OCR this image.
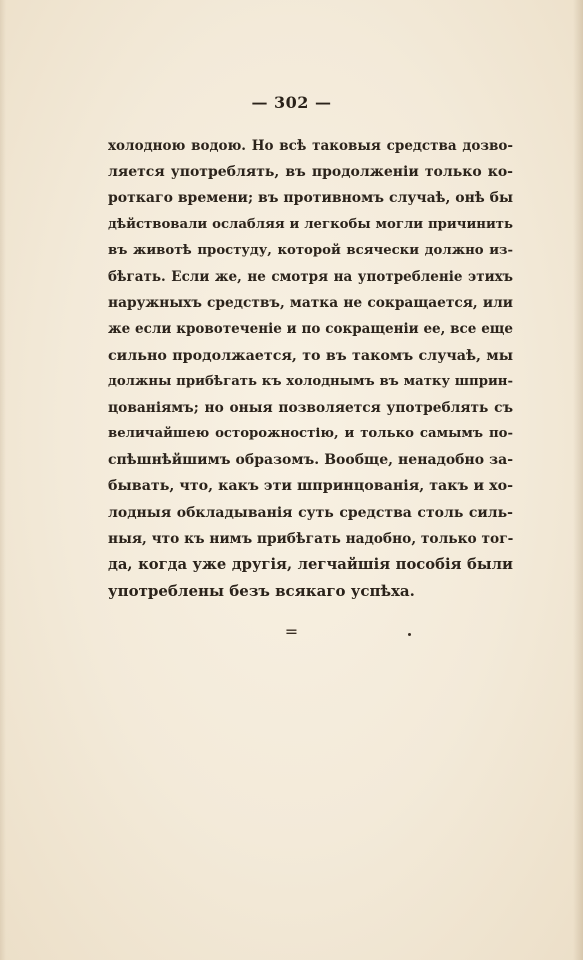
— 302 —
холодною водою. Но всѣ таковыя средства дозво-
ляется употреблять, въ продолженіи только ко-
роткаго времени; въ противномъ случаѣ, онѣ бы
дѣйствовали ослабляя и легкобы могли причинить
въ животѣ простуду, которой всячески должно из-
бѣгать. Если же, не смотря на употребленіе этихъ
наружныхъ средствъ, матка не сокращается, или
же если кровотеченіе и по сокращеніи ее, все еще
сильно продолжается, то въ такомъ случаѣ, мы
должны прибѣгать къ холоднымъ въ матку шприн-
цованіямъ; но оныя позволяется употреблять съ
величайшею осторожностію, и только самымъ по-
спѣшнѣйшимъ образомъ. Вообще, ненадобно за-
бывать, что, какъ эти шпринцованія, такъ и хо-
лодныя обкладыванія суть средства столь силь-
ныя, что къ нимъ прибѣгать надобно, только тог-
да, когда уже другія, легчайшія пособія были
употреблены безъ всякаго успѣха.
=
